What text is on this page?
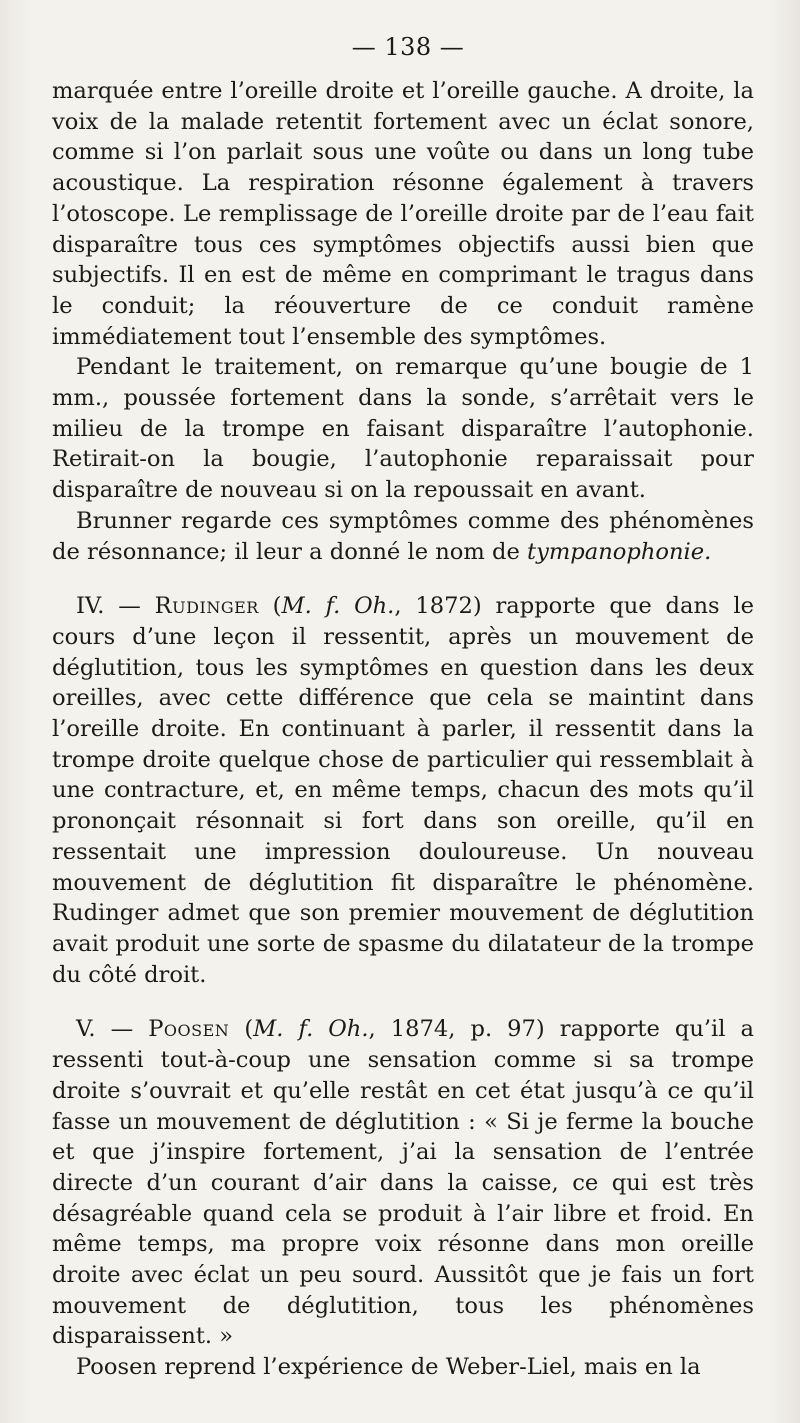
— 138 —

marquée entre l’oreille droite et l’oreille gauche. A droite, la voix de la malade retentit fortement avec un éclat sonore, comme si l’on parlait sous une voûte ou dans un long tube acoustique. La respiration résonne également à travers l’otoscope. Le remplissage de l’oreille droite par de l’eau fait disparaître tous ces symptômes objectifs aussi bien que subjectifs. Il en est de même en comprimant le tragus dans le conduit; la réouverture de ce conduit ramène immédiatement tout l’ensemble des symptômes.

Pendant le traitement, on remarque qu’une bougie de 1 mm., poussée fortement dans la sonde, s’arrêtait vers le milieu de la trompe en faisant disparaître l’autophonie. Retirait-on la bougie, l’autophonie reparaissait pour disparaître de nouveau si on la repoussait en avant.

Brunner regarde ces symptômes comme des phénomènes de résonnance; il leur a donné le nom de tympanophonie.

IV. — Rudinger (M. f. Oh., 1872) rapporte que dans le cours d’une leçon il ressentit, après un mouvement de déglutition, tous les symptômes en question dans les deux oreilles, avec cette différence que cela se maintint dans l’oreille droite. En continuant à parler, il ressentit dans la trompe droite quelque chose de particulier qui ressemblait à une contracture, et, en même temps, chacun des mots qu’il prononçait résonnait si fort dans son oreille, qu’il en ressentait une impression douloureuse. Un nouveau mouvement de déglutition fit disparaître le phénomène. Rudinger admet que son premier mouvement de déglutition avait produit une sorte de spasme du dilatateur de la trompe du côté droit.

V. — Poosen (M. f. Oh., 1874, p. 97) rapporte qu’il a ressenti tout-à-coup une sensation comme si sa trompe droite s’ouvrait et qu’elle restât en cet état jusqu’à ce qu’il fasse un mouvement de déglutition : « Si je ferme la bouche et que j’inspire fortement, j’ai la sensation de l’entrée directe d’un courant d’air dans la caisse, ce qui est très désagréable quand cela se produit à l’air libre et froid. En même temps, ma propre voix résonne dans mon oreille droite avec éclat un peu sourd. Aussitôt que je fais un fort mouvement de déglutition, tous les phénomènes disparaissent. »

Poosen reprend l’expérience de Weber-Liel, mais en la
